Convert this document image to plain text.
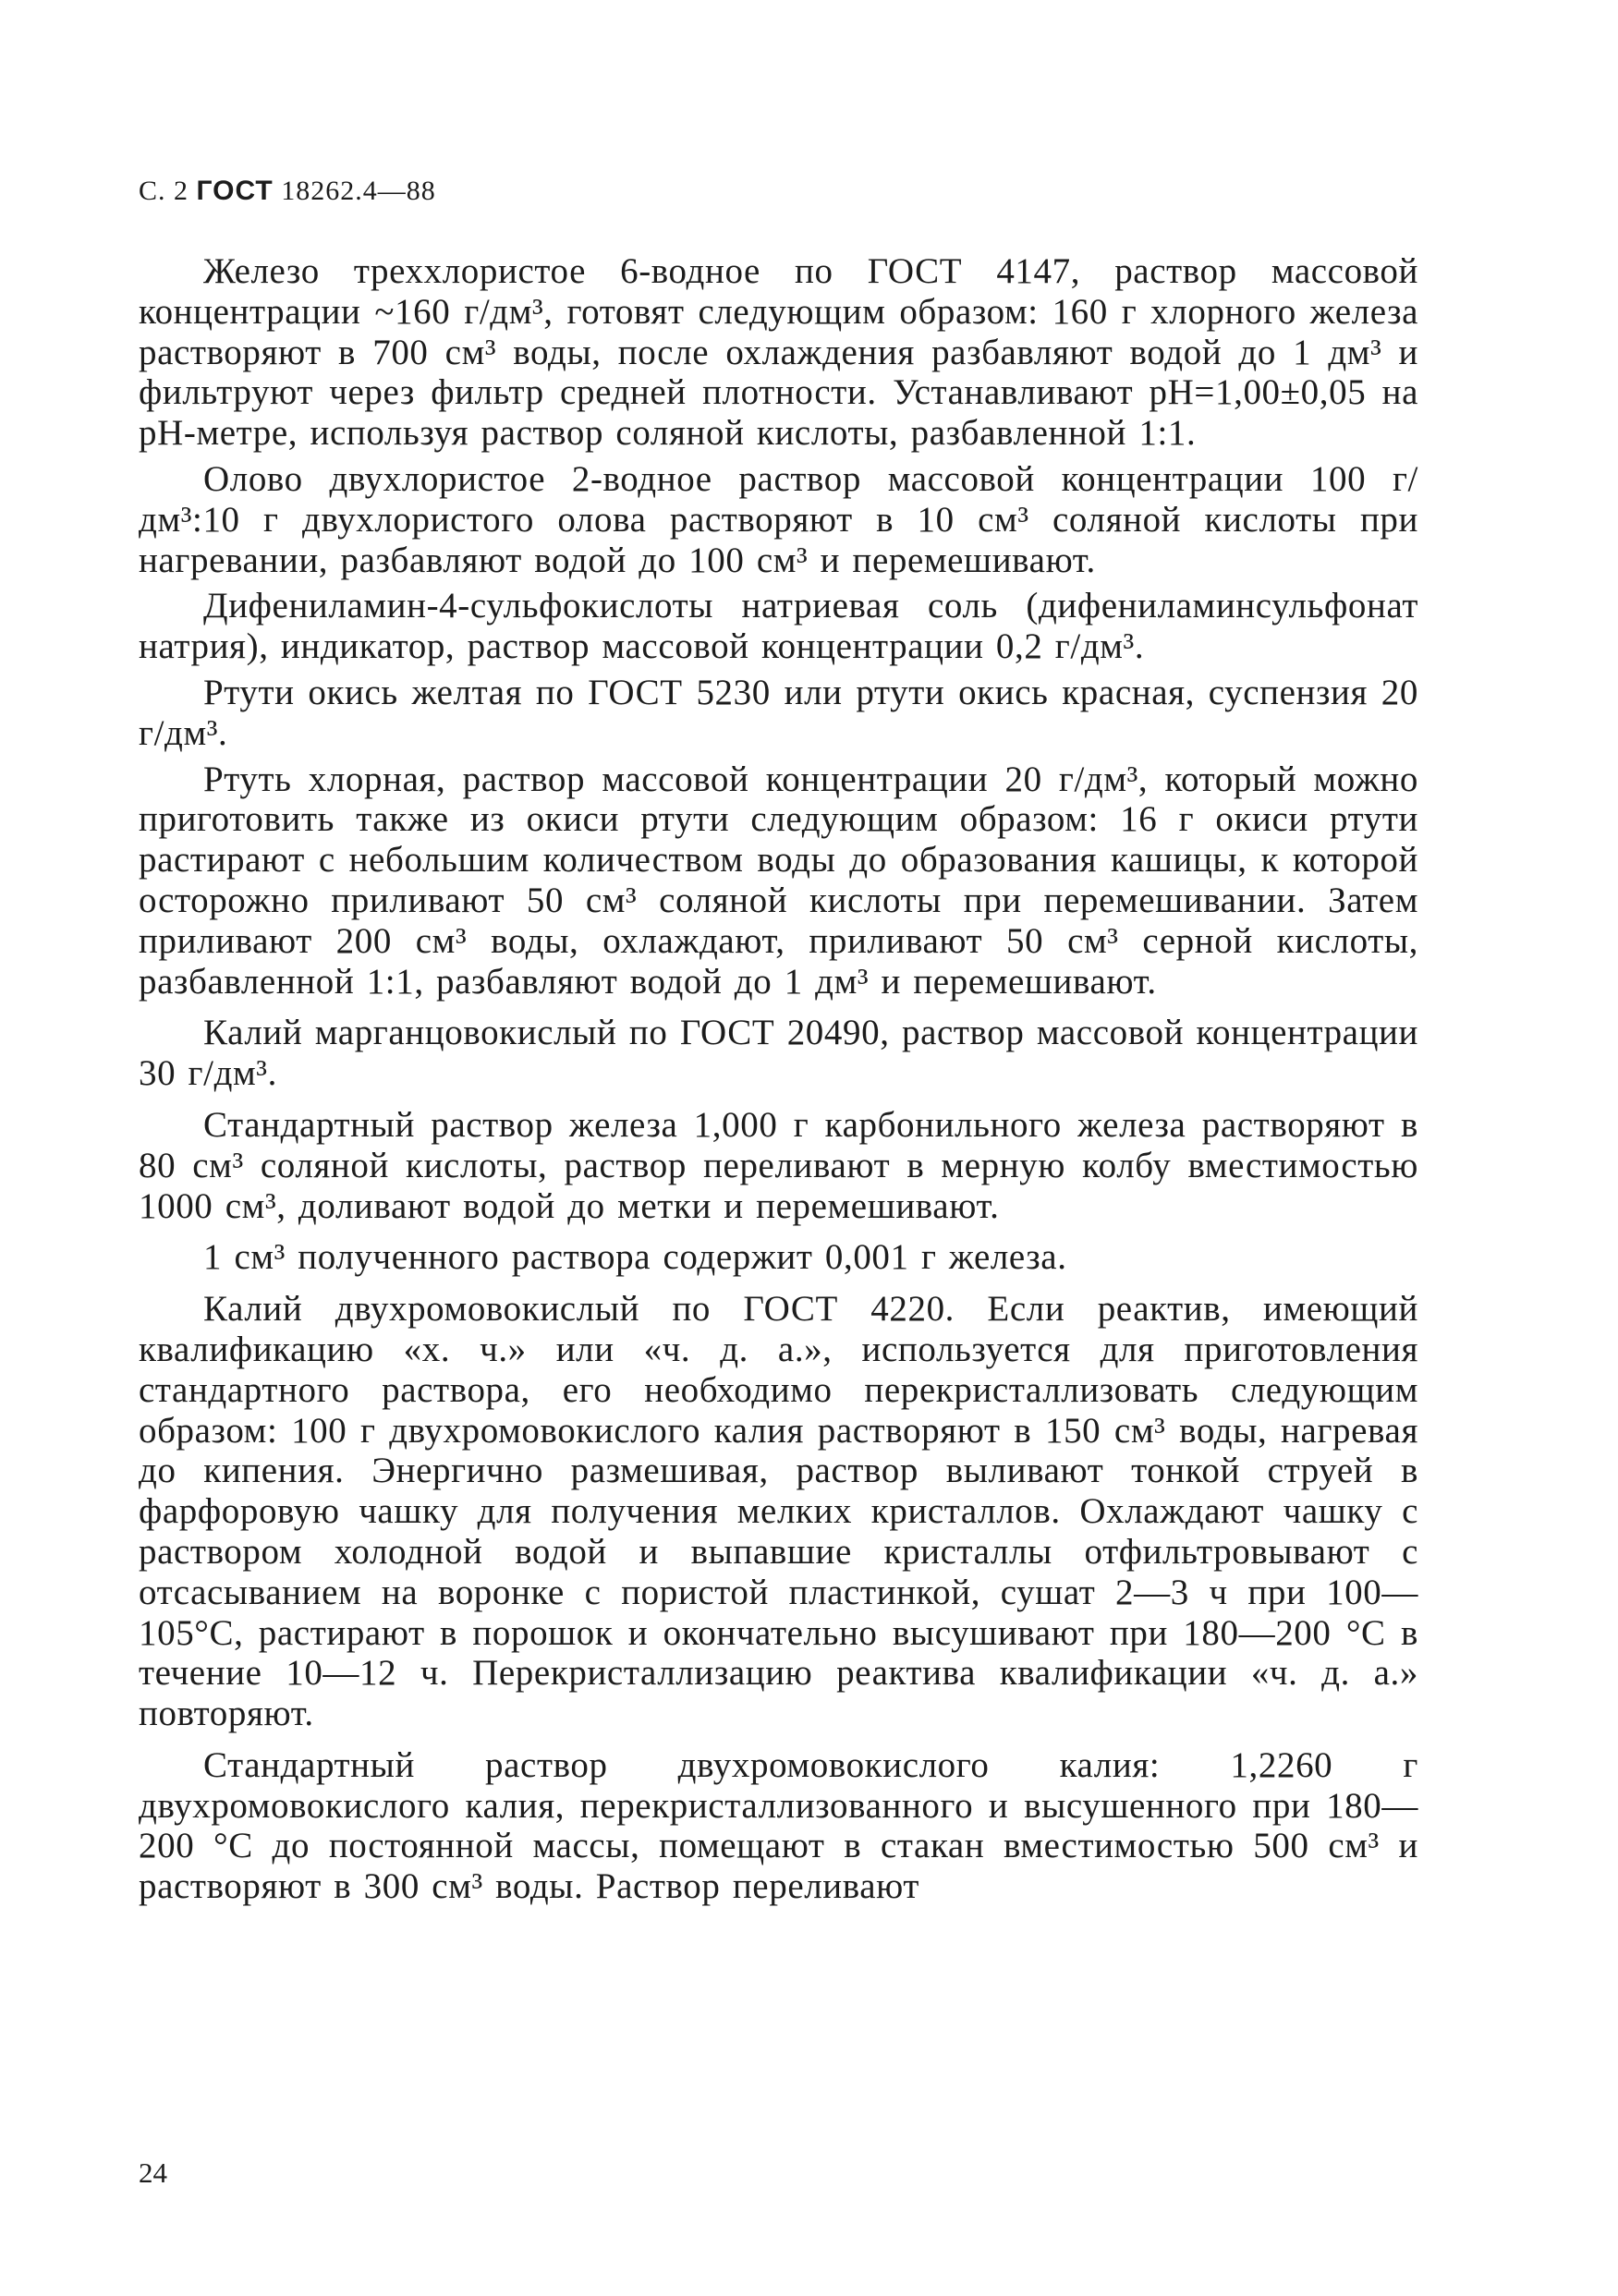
С. 2 ГОСТ 18262.4—88

Железо треххлористое 6-водное по ГОСТ 4147, раствор массовой концентрации ~160 г/дм³, готовят следующим образом: 160 г хлорного железа растворяют в 700 см³ воды, после охлаждения разбавляют водой до 1 дм³ и фильтруют через фильтр средней плотности. Устанавливают pH=1,00±0,05 на pH-метре, используя раствор соляной кислоты, разбавленной 1:1.

Олово двухлористое 2-водное раствор массовой концентрации 100 г/дм³:10 г двухлористого олова растворяют в 10 см³ соляной кислоты при нагревании, разбавляют водой до 100 см³ и перемешивают.

Дифениламин-4-сульфокислоты натриевая соль (дифениламинсульфонат натрия), индикатор, раствор массовой концентрации 0,2 г/дм³.

Ртути окись желтая по ГОСТ 5230 или ртути окись красная, суспензия 20 г/дм³.

Ртуть хлорная, раствор массовой концентрации 20 г/дм³, который можно приготовить также из окиси ртути следующим образом: 16 г окиси ртути растирают с небольшим количеством воды до образования кашицы, к которой осторожно приливают 50 см³ соляной кислоты при перемешивании. Затем приливают 200 см³ воды, охлаждают, приливают 50 см³ серной кислоты, разбавленной 1:1, разбавляют водой до 1 дм³ и перемешивают.

Калий марганцовокислый по ГОСТ 20490, раствор массовой концентрации 30 г/дм³.

Стандартный раствор железа 1,000 г карбонильного железа растворяют в 80 см³ соляной кислоты, раствор переливают в мерную колбу вместимостью 1000 см³, доливают водой до метки и перемешивают.

1 см³ полученного раствора содержит 0,001 г железа.

Калий двухромовокислый по ГОСТ 4220. Если реактив, имеющий квалификацию «х. ч.» или «ч. д. а.», используется для приготовления стандартного раствора, его необходимо перекристаллизовать следующим образом: 100 г двухромовокислого калия растворяют в 150 см³ воды, нагревая до кипения. Энергично размешивая, раствор выливают тонкой струей в фарфоровую чашку для получения мелких кристаллов. Охлаждают чашку с раствором холодной водой и выпавшие кристаллы отфильтровывают с отсасыванием на воронке с пористой пластинкой, сушат 2—3 ч при 100—105°С, растирают в порошок и окончательно высушивают при 180—200 °С в течение 10—12 ч. Перекристаллизацию реактива квалификации «ч. д. а.» повторяют.

Стандартный раствор двухромовокислого калия: 1,2260 г двухромовокислого калия, перекристаллизованного и высушенного при 180—200 °С до постоянной массы, помещают в стакан вместимостью 500 см³ и растворяют в 300 см³ воды. Раствор переливают

24
